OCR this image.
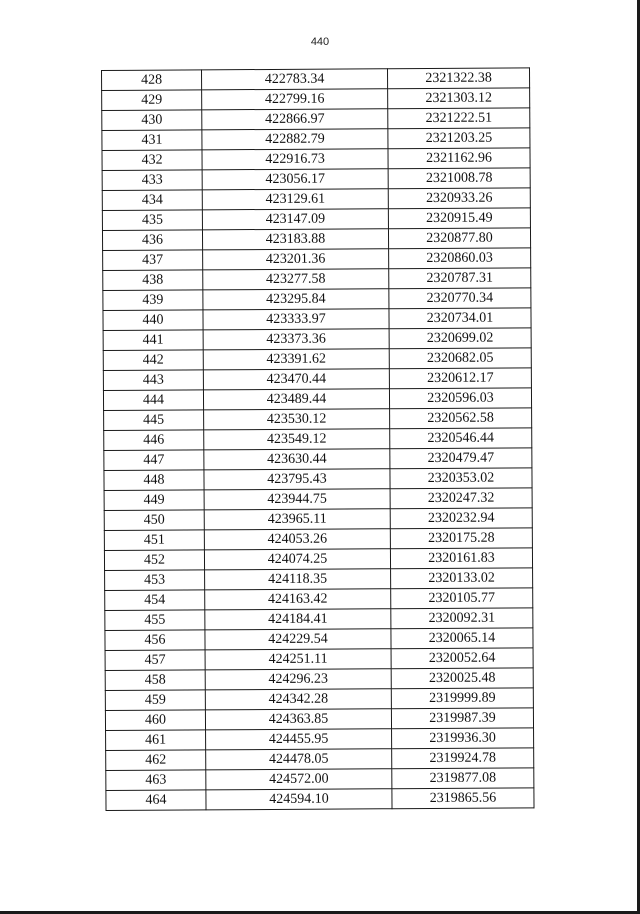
440
428	422783.34	2321322.38
429	422799.16	2321303.12
430	422866.97	2321222.51
431	422882.79	2321203.25
432	422916.73	2321162.96
433	423056.17	2321008.78
434	423129.61	2320933.26
435	423147.09	2320915.49
436	423183.88	2320877.80
437	423201.36	2320860.03
438	423277.58	2320787.31
439	423295.84	2320770.34
440	423333.97	2320734.01
441	423373.36	2320699.02
442	423391.62	2320682.05
443	423470.44	2320612.17
444	423489.44	2320596.03
445	423530.12	2320562.58
446	423549.12	2320546.44
447	423630.44	2320479.47
448	423795.43	2320353.02
449	423944.75	2320247.32
450	423965.11	2320232.94
451	424053.26	2320175.28
452	424074.25	2320161.83
453	424118.35	2320133.02
454	424163.42	2320105.77
455	424184.41	2320092.31
456	424229.54	2320065.14
457	424251.11	2320052.64
458	424296.23	2320025.48
459	424342.28	2319999.89
460	424363.85	2319987.39
461	424455.95	2319936.30
462	424478.05	2319924.78
463	424572.00	2319877.08
464	424594.10	2319865.56
